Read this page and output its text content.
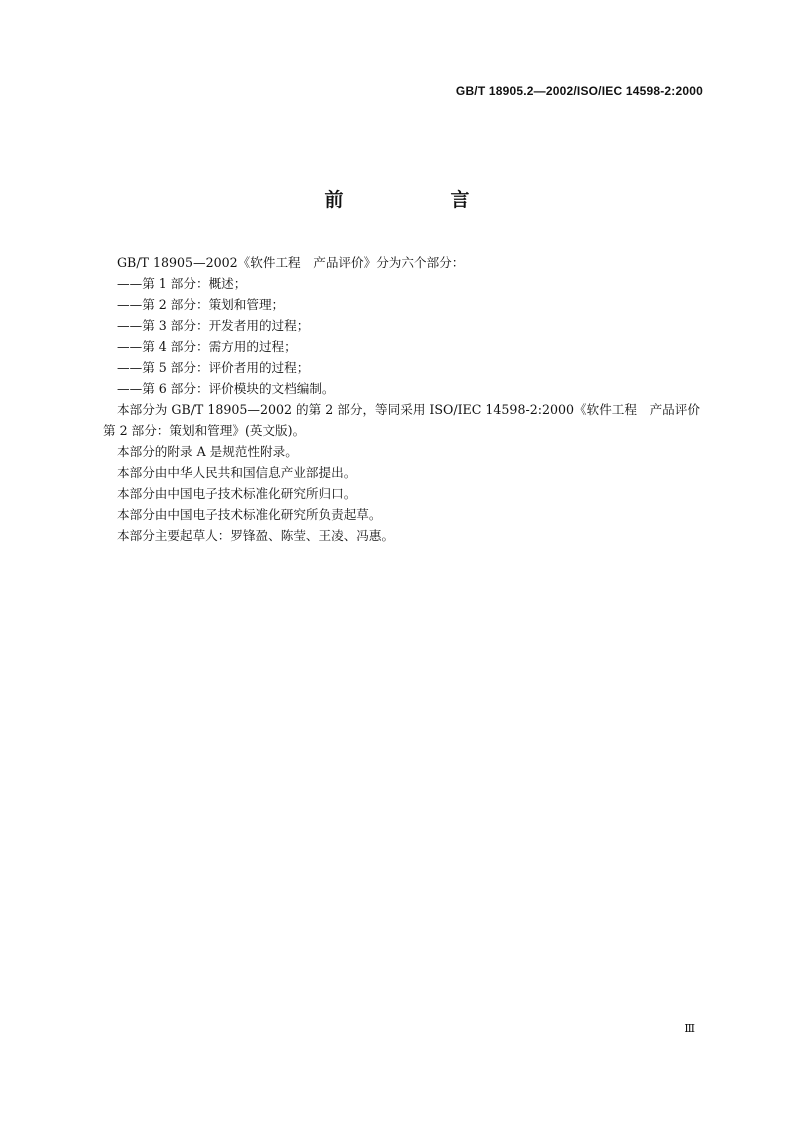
GB/T 18905.2—2002/ISO/IEC 14598-2:2000
前　言

GB/T 18905—2002《软件工程　产品评价》分为六个部分：

——第 1 部分：概述；

——第 2 部分：策划和管理；

——第 3 部分：开发者用的过程；

——第 4 部分：需方用的过程；

——第 5 部分：评价者用的过程；

——第 6 部分：评价模块的文档编制。

本部分为 GB/T 18905—2002 的第 2 部分，等同采用 ISO/IEC 14598-2:2000《软件工程　产品评价 第 2 部分：策划和管理》(英文版)。

本部分的附录 A 是规范性附录。

本部分由中华人民共和国信息产业部提出。

本部分由中国电子技术标准化研究所归口。

本部分由中国电子技术标准化研究所负责起草。

本部分主要起草人：罗锋盈、陈莹、王凌、冯惠。

Ⅲ
